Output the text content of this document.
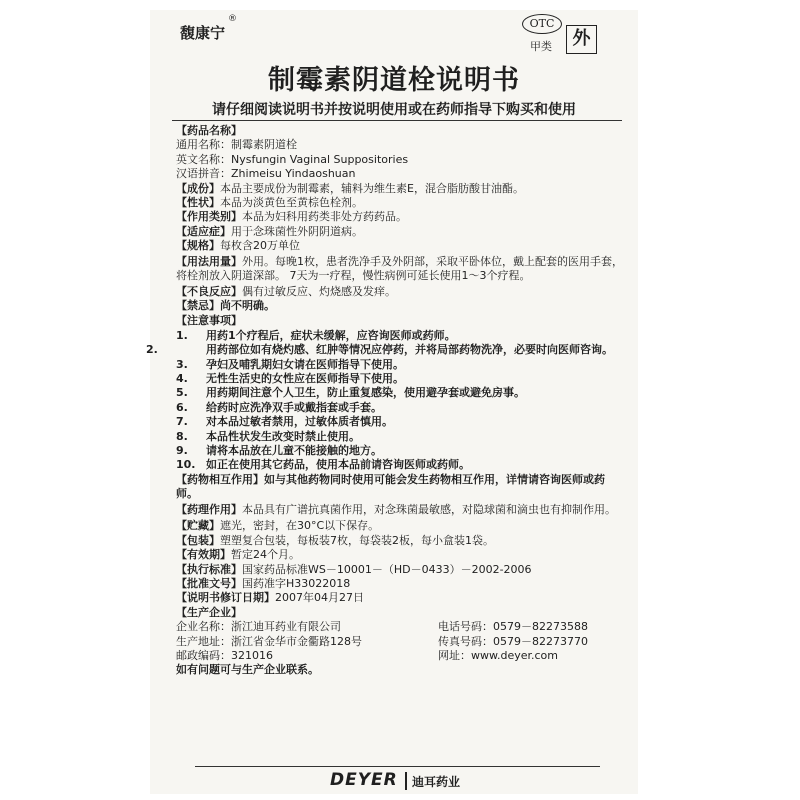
馥康宁
®	OTC
甲类	外
制霉素阴道栓说明书
请仔细阅读说明书并按说明使用或在药师指导下购买和使用
【药品名称】
通用名称：制霉素阴道栓
英文名称：Nysfungin Vaginal Suppositories
汉语拼音：Zhimeisu Yindaoshuan
【成份】本品主要成份为制霉素，辅料为维生素E，混合脂肪酸甘油酯。
【性状】本品为淡黄色至黄棕色栓剂。
【作用类别】本品为妇科用药类非处方药药品。
【适应症】用于念珠菌性外阴阴道病。
【规格】每枚含20万单位
【用法用量】外用。每晚1枚，患者洗净手及外阴部，采取平卧体位，戴上配套的医用手套，将栓剂放入阴道深部。 7天为一疗程，慢性病例可延长使用1～3个疗程。
【不良反应】偶有过敏反应、灼烧感及发痒。
【禁忌】尚不明确。
【注意事项】
1. 用药1个疗程后，症状未缓解，应咨询医师或药师。
2.	用药部位如有烧灼感、红肿等情况应停药，并将局部药物洗净，必要时向医师咨询。
3. 孕妇及哺乳期妇女请在医师指导下使用。
4. 无性生活史的女性应在医师指导下使用。
5. 用药期间注意个人卫生，防止重复感染，使用避孕套或避免房事。
6. 给药时应洗净双手或戴指套或手套。
7. 对本品过敏者禁用，过敏体质者慎用。
8. 本品性状发生改变时禁止使用。
9. 请将本品放在儿童不能接触的地方。
10. 如正在使用其它药品，使用本品前请咨询医师或药师。
【药物相互作用】如与其他药物同时使用可能会发生药物相互作用，详情请咨询医师或药师。
【药理作用】本品具有广谱抗真菌作用，对念珠菌最敏感，对隐球菌和滴虫也有抑制作用。
【贮藏】遮光，密封，在30°C以下保存。
【包装】塑塑复合包装，每板装7枚，每袋装2板，每小盒装1袋。
【有效期】暂定24个月。
【执行标准】国家药品标准WS－10001－（HD－0433）－2002-2006
【批准文号】国药准字H33022018
【说明书修订日期】2007年04月27日
【生产企业】
企业名称：浙江迪耳药业有限公司	电话号码：0579－82273588
生产地址：浙江省金华市金衢路128号	传真号码：0579－82273770
邮政编码：321016	网址：www.deyer.com
如有问题可与生产企业联系。
DEYER 迪耳药业
